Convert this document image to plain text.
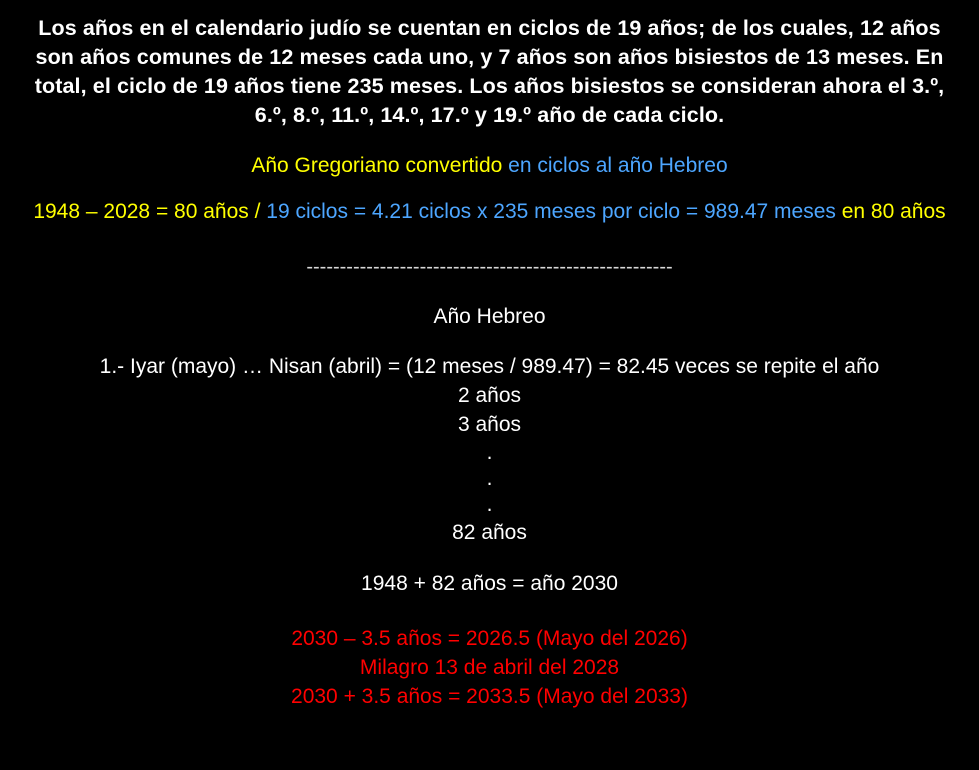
Los años en el calendario judío se cuentan en ciclos de 19 años; de los cuales, 12 años son años comunes de 12 meses cada uno, y 7 años son años bisiestos de 13 meses. En total, el ciclo de 19 años tiene 235 meses. Los años bisiestos se consideran ahora el 3.º, 6.º, 8.º, 11.º, 14.º, 17.º y 19.º año de cada ciclo.

Año Gregoriano convertido en ciclos al año Hebreo
1948 – 2028 = 80 años / 19 ciclos = 4.21 ciclos x 235 meses por ciclo = 989.47 meses en 80 años
-------------------------------------------------------
Año Hebreo
1.- Iyar (mayo) … Nisan (abril) = (12 meses / 989.47) = 82.45 veces se repite el año
2 años
3 años
.
.
.
82 años
1948 + 82 años = año 2030
2030 – 3.5 años = 2026.5 (Mayo del 2026)
Milagro 13 de abril del 2028
2030 + 3.5 años = 2033.5 (Mayo del 2033)
